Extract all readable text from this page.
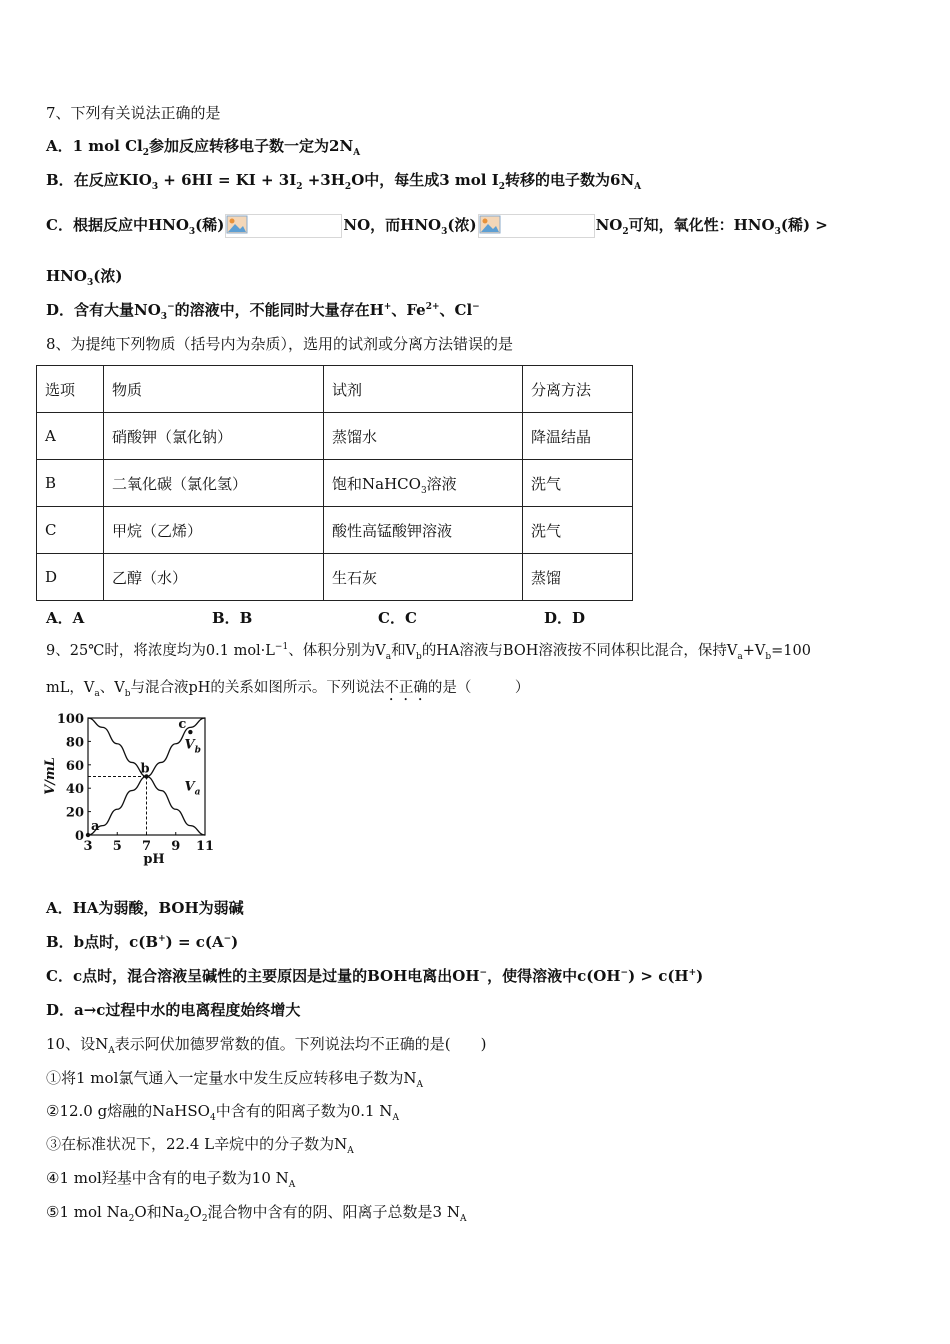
7、下列有关说法正确的是
A．1 mol $Cl_2$参加反应转移电子数一定为$2N_A$
B．在反应$KIO_3 + 6HI$ = KI + $3I_2 +3H_2O$中，每生成3 mol $I_2$转移的电子数为$6N_A$
C．根据反应中$HNO_3$(稀)	NO，而$HNO_3$(浓)	$NO_2$可知，氧化性：$HNO_3$(稀) >
$HNO_3$(浓)
D．含有大量$NO_3^-$的溶液中，不能同时大量存在H+、$Fe^{2+}$、Cl−
8、为提纯下列物质（括号内为杂质），选用的试剂或分离方法错误的是
选项	物质	试剂	分离方法
A	硝酸钾（氯化钠）	蒸馏水	降温结晶
B	二氧化碳（氯化氢）	饱和NaHCO$_3$溶液	洗气
C	甲烷（乙烯）	酸性高锰酸钾溶液	洗气
D	乙醇（水）	生石灰	蒸馏
A．A	B．B	C．C	D．D
9、25℃时，将浓度均为0.1 $mol\cdot L^{-1}$、体积分别为$V_a$和$V_b$的HA溶液与BOH溶液按不同体积比混合，保持$V_a+V_b=100$
mL，$V_a$、$V_b$与混合液pH的关系如图所示。下列说法不正确的是（　　　）
100
80
60
40
20
0
3 5 7 9 11
$V_b$
$V_a$
a
b
c
V/mL
pH
A．HA为弱酸，BOH为弱碱
B．b点时，c(B+) = c(A−)
C．c点时，混合溶液呈碱性的主要原因是过量的BOH电离出OH−，使得溶液中c(OH−) > c(H+)
D．a→c过程中水的电离程度始终增大
10、设$N_A$表示阿伏加德罗常数的值。下列说法均不正确的是(　　)
①将1 mol氯气通入一定量水中发生反应转移电子数为$N_A$
②12.0 g熔融的NaHSO$_4$中含有的阳离子数为0.1 $N_A$
③在标准状况下，22.4 L辛烷中的分子数为$N_A$
④1 mol羟基中含有的电子数为10 $N_A$
⑤1 mol $Na_2O$和$Na_2O_2$混合物中含有的阴、阳离子总数是3 $N_A$
